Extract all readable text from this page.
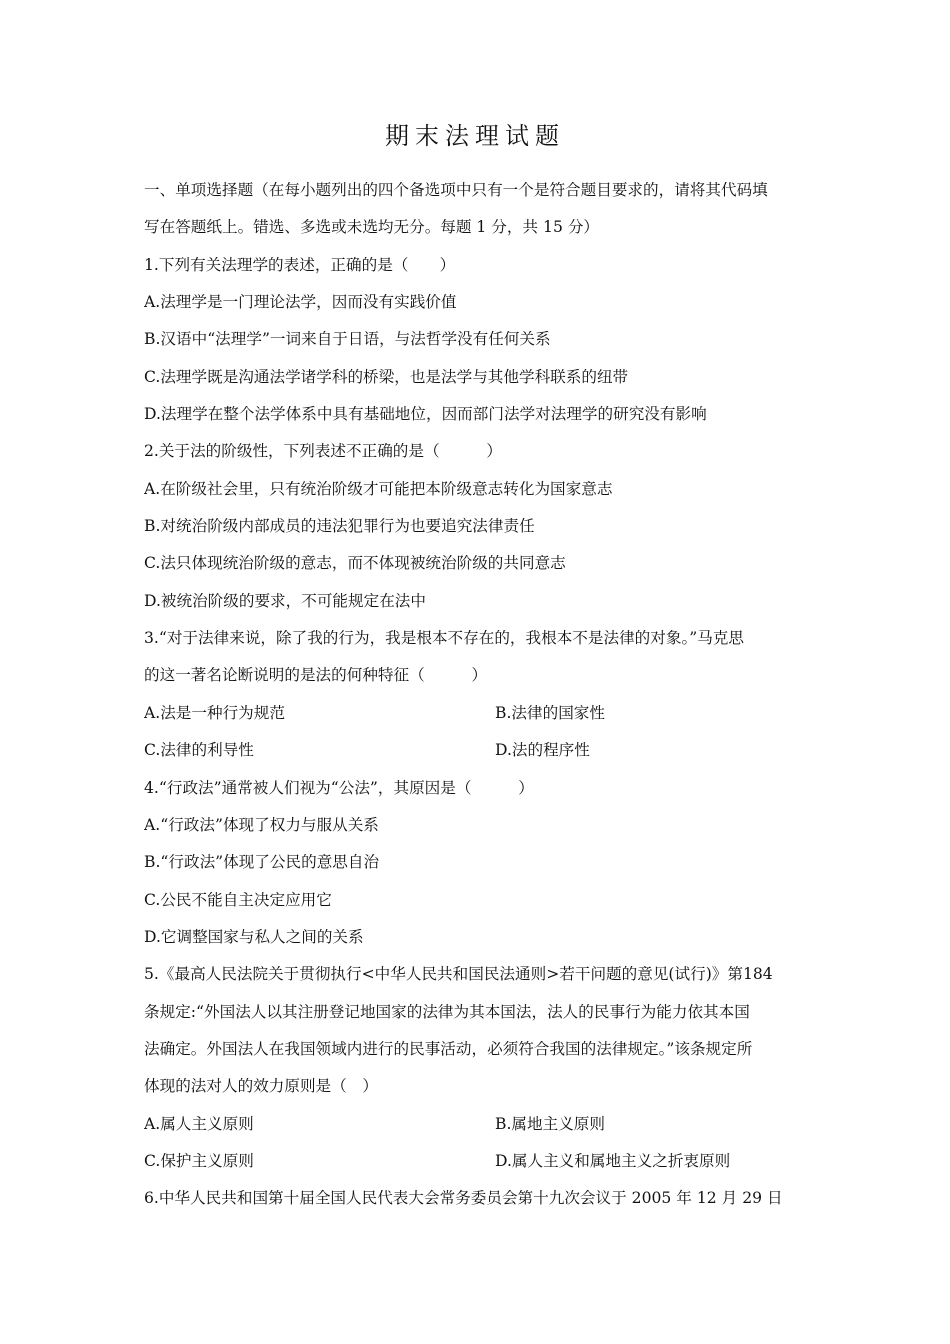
期末法理试题
一、单项选择题（在每小题列出的四个备选项中只有一个是符合题目要求的，请将其代码填
写在答题纸上。错选、多选或未选均无分。每题 1 分，共 15 分）
1.下列有关法理学的表述，正确的是（　　）
A.法理学是一门理论法学，因而没有实践价值
B.汉语中“法理学”一词来自于日语，与法哲学没有任何关系
C.法理学既是沟通法学诸学科的桥梁，也是法学与其他学科联系的纽带
D.法理学在整个法学体系中具有基础地位，因而部门法学对法理学的研究没有影响
2.关于法的阶级性，下列表述不正确的是（　　　）
A.在阶级社会里，只有统治阶级才可能把本阶级意志转化为国家意志
B.对统治阶级内部成员的违法犯罪行为也要追究法律责任
C.法只体现统治阶级的意志，而不体现被统治阶级的共同意志
D.被统治阶级的要求，不可能规定在法中
3.“对于法律来说，除了我的行为，我是根本不存在的，我根本不是法律的对象。”马克思
的这一著名论断说明的是法的何种特征（　　　）
A.法是一种行为规范	B.法律的国家性
C.法律的利导性	D.法的程序性
4.“行政法”通常被人们视为“公法”，其原因是（　　　）
A.“行政法”体现了权力与服从关系
B.“行政法”体现了公民的意思自治
C.公民不能自主决定应用它
D.它调整国家与私人之间的关系
5.《最高人民法院关于贯彻执行<中华人民共和国民法通则>若干问题的意见(试行)》第184
条规定:“外国法人以其注册登记地国家的法律为其本国法，法人的民事行为能力依其本国
法确定。外国法人在我国领域内进行的民事活动，必须符合我国的法律规定。”该条规定所
体现的法对人的效力原则是（　）
A.属人主义原则	B.属地主义原则
C.保护主义原则	D.属人主义和属地主义之折衷原则
6.中华人民共和国第十届全国人民代表大会常务委员会第十九次会议于 2005 年 12 月 29 日
